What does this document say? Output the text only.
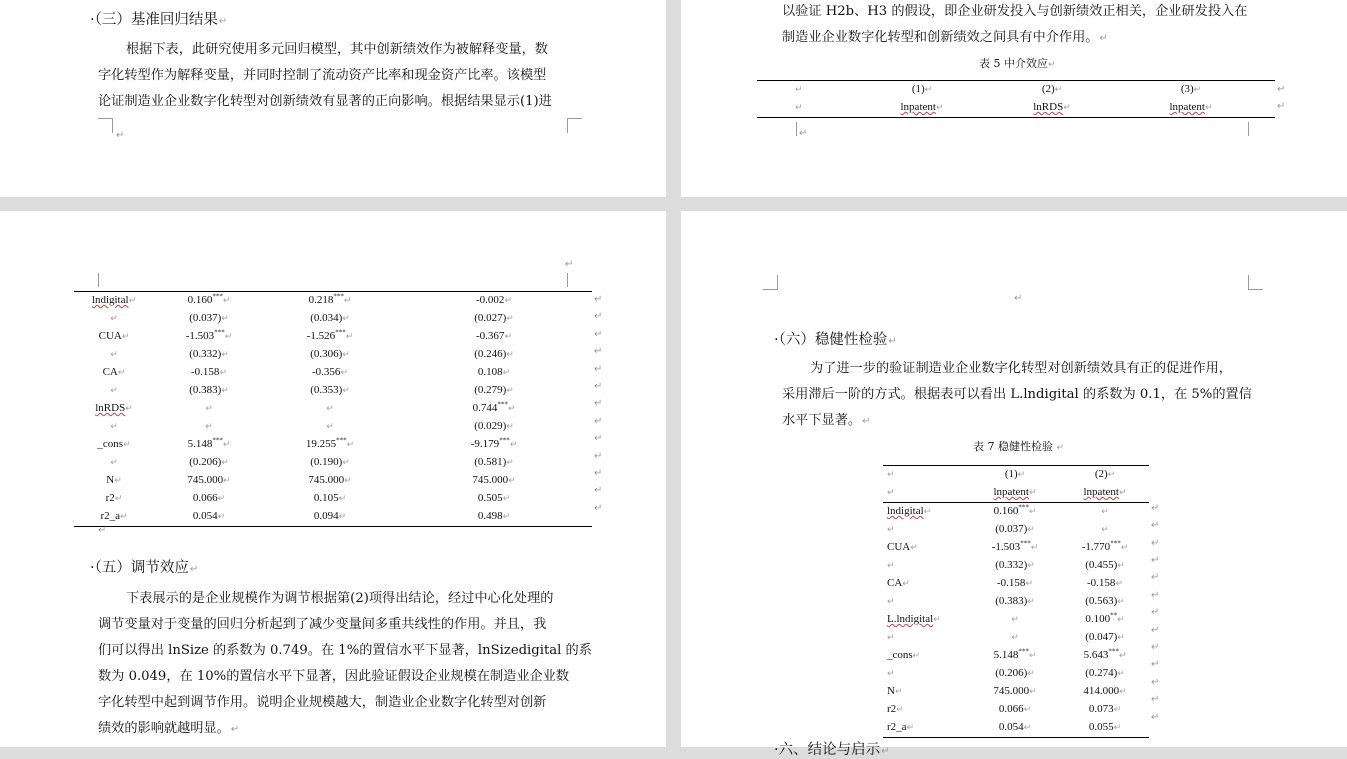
·（三）基准回归结果↵
根据下表，此研究使用多元回归模型，其中创新绩效作为被解释变量，数
字化转型作为解释变量，并同时控制了流动资产比率和现金资产比率。该模型
论证制造业企业数字化转型对创新绩效有显著的正向影响。根据结果显示(1)进
↵
以验证 H2b、H3 的假设，即企业研发投入与创新绩效正相关，企业研发投入在
制造业企业数字化转型和创新绩效之间具有中介作用。↵
表 5 中介效应↵
↵	(1)↵	(2)↵	(3)↵
↵	lnpatent↵	lnRDS↵	lnpatent↵
↵
↵
↵
↵
lndigital↵	0.160***↵	0.218***↵	-0.002↵
↵	(0.037)↵	(0.034)↵	(0.027)↵
CUA↵	-1.503***↵	-1.526***↵	-0.367↵
↵	(0.332)↵	(0.306)↵	(0.246)↵
CA↵	-0.158↵	-0.356↵	0.108↵
↵	(0.383)↵	(0.353)↵	(0.279)↵
lnRDS↵	↵	↵	0.744***↵
↵	↵	↵	(0.029)↵
_cons↵	5.148***↵	19.255***↵	-9.179***↵
↵	(0.206)↵	(0.190)↵	(0.581)↵
N↵	745.000↵	745.000↵	745.000↵
r2↵	0.066↵	0.105↵	0.505↵
r2_a↵	0.054↵	0.094↵	0.498↵
↵
↵
↵
↵
↵
↵
↵
↵
↵
↵
↵
↵
↵
↵
·（五）调节效应↵
下表展示的是企业规模作为调节根据第(2)项得出结论，经过中心化处理的
调节变量对于变量的回归分析起到了减少变量间多重共线性的作用。并且，我
们可以得出 lnSize 的系数为 0.749。在 1%的置信水平下显著，lnSizedigital 的系
数为 0.049，在 10%的置信水平下显著，因此验证假设企业规模在制造业企业数
字化转型中起到调节作用。说明企业规模越大，制造业企业数字化转型对创新
绩效的影响就越明显。↵
↵
·（六）稳健性检验↵
为了进一步的验证制造业企业数字化转型对创新绩效具有正的促进作用，
采用滞后一阶的方式。根据表可以看出 L.lndigital 的系数为 0.1，在 5%的置信
水平下显著。↵
表 7 稳健性检验 ↵
↵	(1)↵	(2)↵
↵	lnpatent↵	lnpatent↵
lndigital↵	0.160***↵	↵
↵	(0.037)↵	↵
CUA↵	-1.503***↵	-1.770***↵
↵	(0.332)↵	(0.455)↵
CA↵	-0.158↵	-0.158↵
↵	(0.383)↵	(0.563)↵
L.lndigital↵	↵	0.100**↵
↵	↵	(0.047)↵
_cons↵	5.148***↵	5.643***↵
↵	(0.206)↵	(0.274)↵
N↵	745.000↵	414.000↵
r2↵	0.066↵	0.073↵
r2_a↵	0.054↵	0.055↵
↵
↵
↵
↵
↵
↵
↵
↵
↵
↵
↵
↵
↵
·六、结论与启示↵
